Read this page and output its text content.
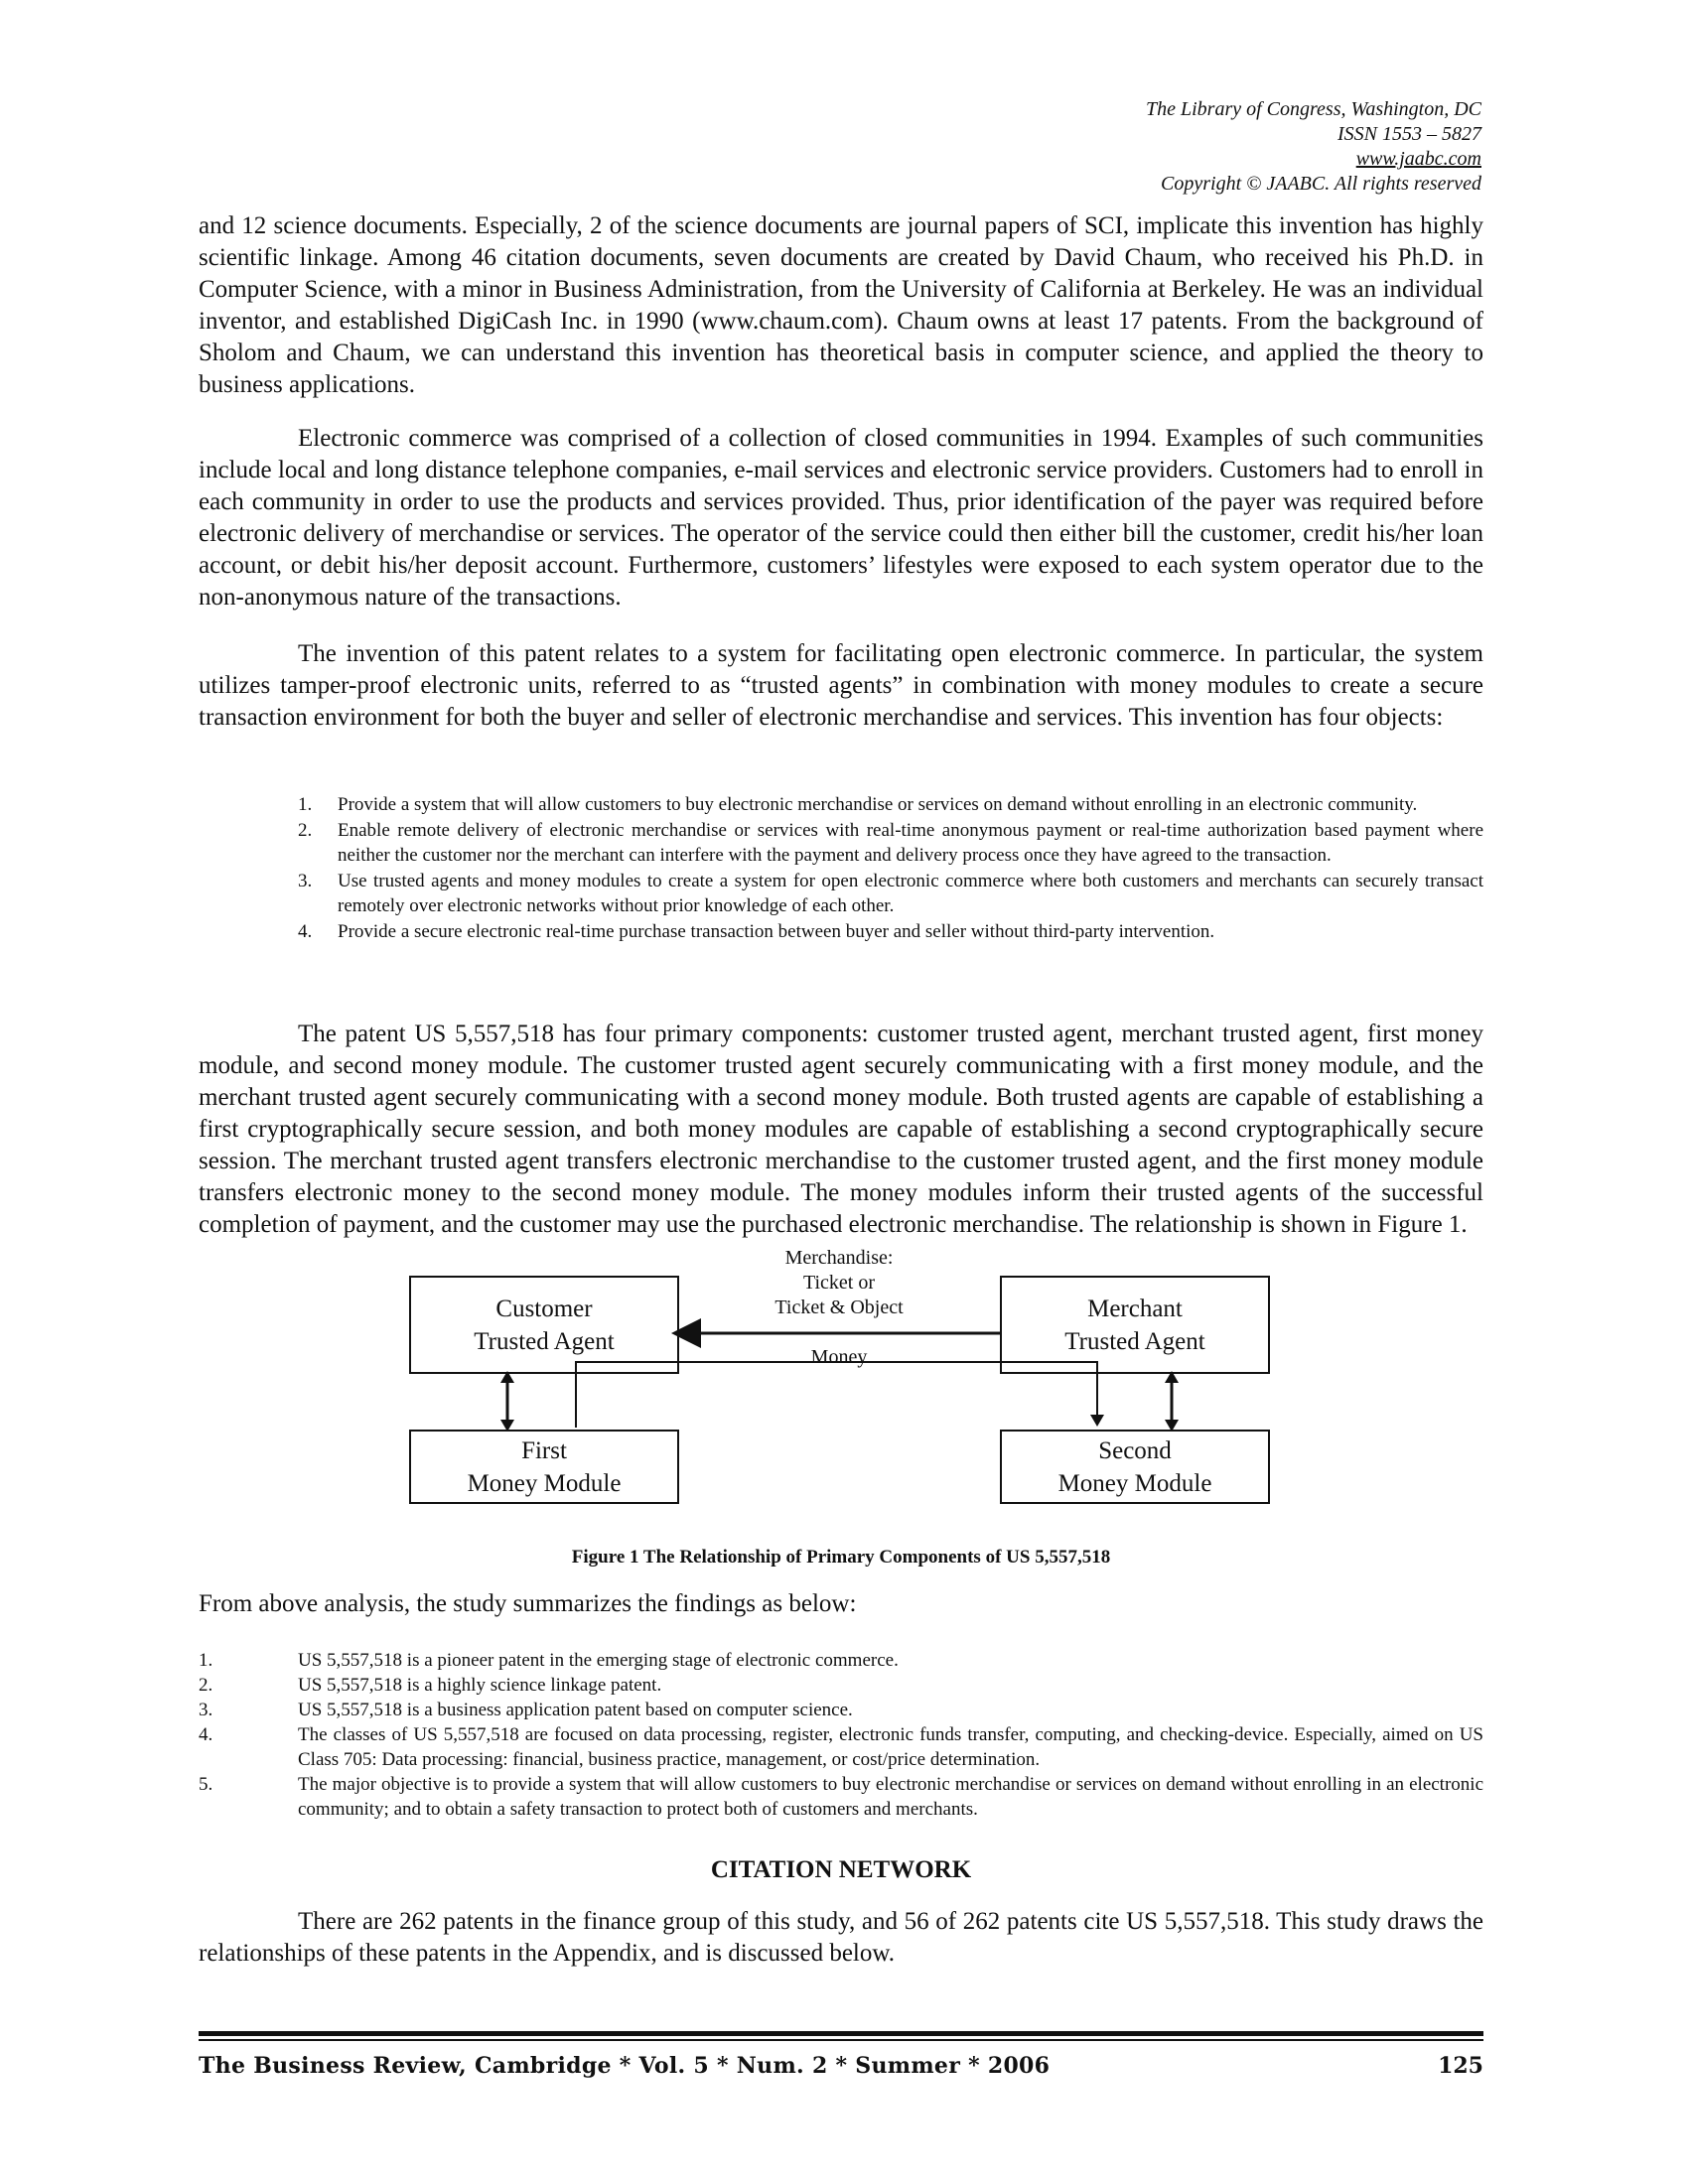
The Library of Congress, Washington, DC
ISSN 1553 – 5827
www.jaabc.com
Copyright © JAABC. All rights reserved

and 12 science documents. Especially, 2 of the science documents are journal papers of SCI, implicate this invention has highly scientific linkage. Among 46 citation documents, seven documents are created by David Chaum, who received his Ph.D. in Computer Science, with a minor in Business Administration, from the University of California at Berkeley. He was an individual inventor, and established DigiCash Inc. in 1990 (www.chaum.com). Chaum owns at least 17 patents. From the background of Sholom and Chaum, we can understand this invention has theoretical basis in computer science, and applied the theory to business applications.

Electronic commerce was comprised of a collection of closed communities in 1994. Examples of such communities include local and long distance telephone companies, e-mail services and electronic service providers. Customers had to enroll in each community in order to use the products and services provided. Thus, prior identification of the payer was required before electronic delivery of merchandise or services. The operator of the service could then either bill the customer, credit his/her loan account, or debit his/her deposit account. Furthermore, customers’ lifestyles were exposed to each system operator due to the non-anonymous nature of the transactions.

The invention of this patent relates to a system for facilitating open electronic commerce. In particular, the system utilizes tamper-proof electronic units, referred to as “trusted agents” in combination with money modules to create a secure transaction environment for both the buyer and seller of electronic merchandise and services. This invention has four objects:

1. Provide a system that will allow customers to buy electronic merchandise or services on demand without enrolling in an electronic community.
2. Enable remote delivery of electronic merchandise or services with real-time anonymous payment or real-time authorization based payment where neither the customer nor the merchant can interfere with the payment and delivery process once they have agreed to the transaction.
3. Use trusted agents and money modules to create a system for open electronic commerce where both customers and merchants can securely transact remotely over electronic networks without prior knowledge of each other.
4. Provide a secure electronic real-time purchase transaction between buyer and seller without third-party intervention.

The patent US 5,557,518 has four primary components: customer trusted agent, merchant trusted agent, first money module, and second money module. The customer trusted agent securely communicating with a first money module, and the merchant trusted agent securely communicating with a second money module. Both trusted agents are capable of establishing a first cryptographically secure session, and both money modules are capable of establishing a second cryptographically secure session. The merchant trusted agent transfers electronic merchandise to the customer trusted agent, and the first money module transfers electronic money to the second money module. The money modules inform their trusted agents of the successful completion of payment, and the customer may use the purchased electronic merchandise. The relationship is shown in Figure 1.

Customer
Trusted Agent
Merchant
Trusted Agent
First
Money Module
Second
Money Module
Merchandise:
Ticket or
Ticket & Object
Money
Figure 1 The Relationship of Primary Components of US 5,557,518
From above analysis, the study summarizes the findings as below:
1.	US 5,557,518 is a pioneer patent in the emerging stage of electronic commerce.
2.	US 5,557,518 is a highly science linkage patent.
3.	US 5,557,518 is a business application patent based on computer science.
4.	The classes of US 5,557,518 are focused on data processing, register, electronic funds transfer, computing, and checking-device. Especially, aimed on US Class 705: Data processing: financial, business practice, management, or cost/price determination.
5.	The major objective is to provide a system that will allow customers to buy electronic merchandise or services on demand without enrolling in an electronic community; and to obtain a safety transaction to protect both of customers and merchants.
CITATION NETWORK

There are 262 patents in the finance group of this study, and 56 of 262 patents cite US 5,557,518. This study draws the relationships of these patents in the Appendix, and is discussed below.

The Business Review, Cambridge * Vol. 5 * Num. 2 * Summer * 2006	125
